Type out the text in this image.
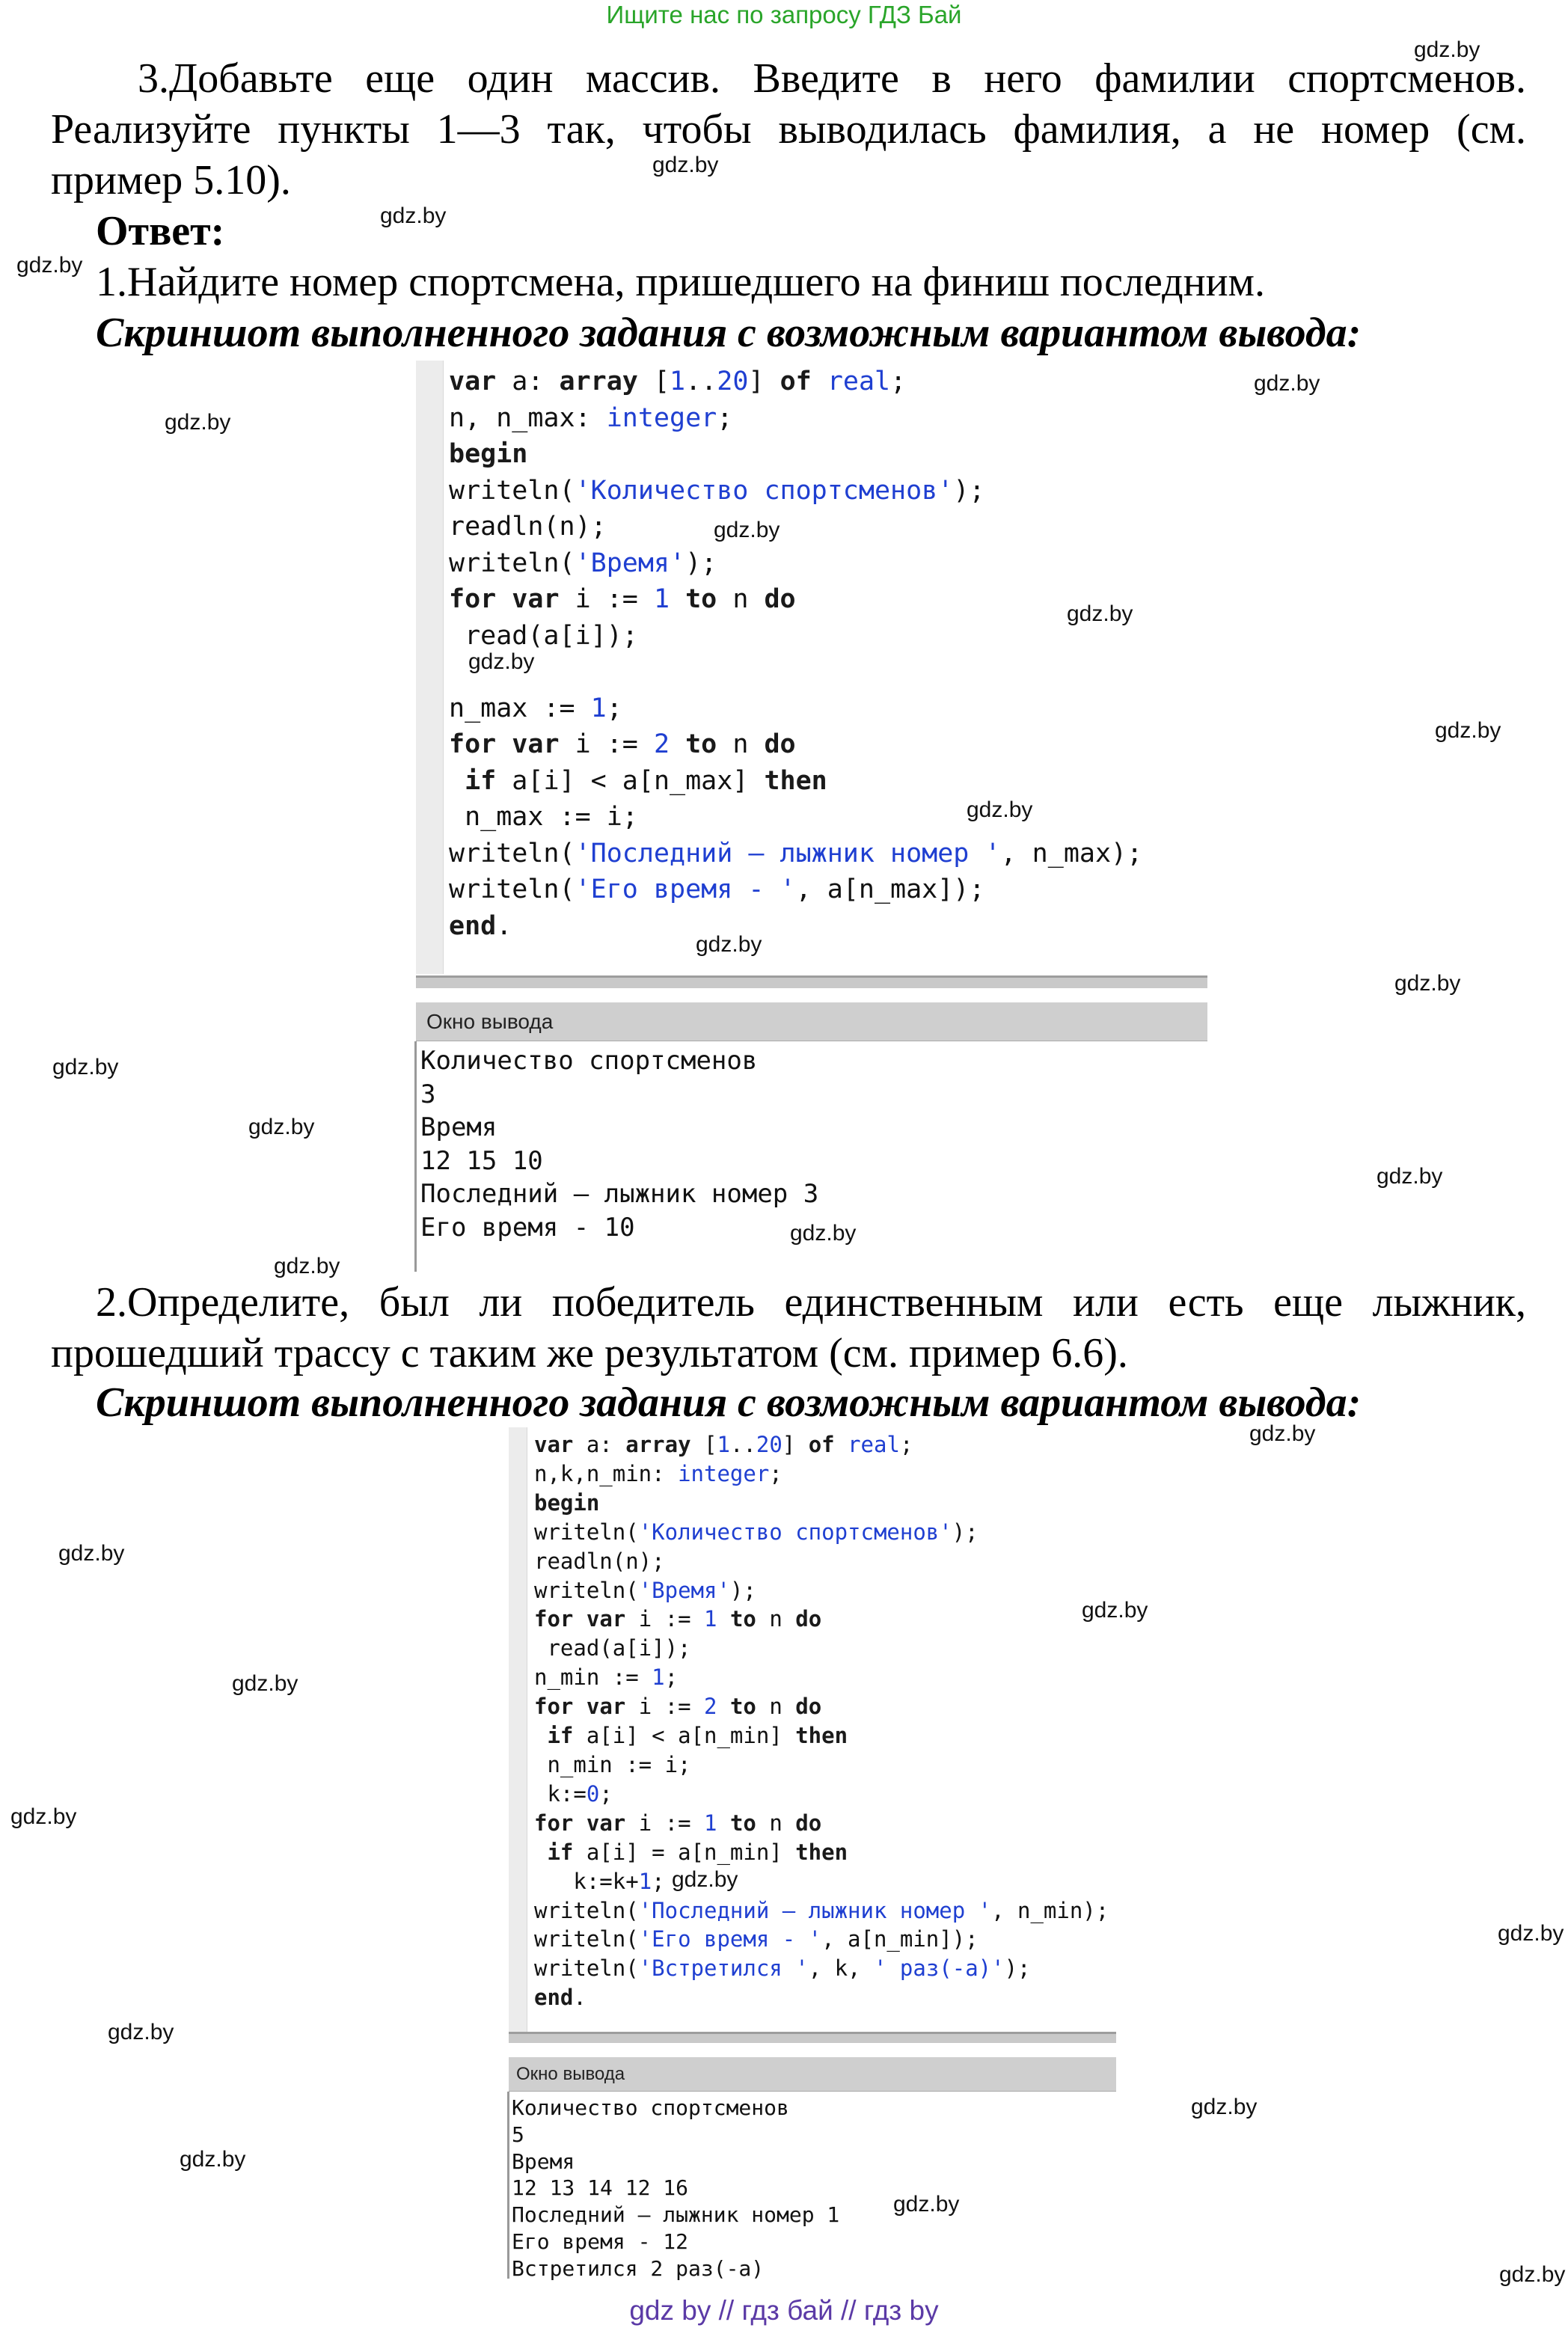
Ищите нас по запросу ГДЗ Бай
3.Добавьте еще один массив. Введите в него фамилии спортсменов.
Реализуйте пункты 1—3 так, чтобы выводилась фамилия, а не номер (см.
пример 5.10).
Ответ:
1.Найдите номер спортсмена, пришедшего на финиш последним.
Скриншот выполненного задания с возможным вариантом вывода:
var a: array [1..20] of real;
n, n_max: integer;
begin
writeln('Количество спортсменов');
readln(n);
writeln('Время');
for var i := 1 to n do
read(a[i]);
n_max := 1;
for var i := 2 to n do
if a[i] < a[n_max] then
n_max := i;
writeln('Последний — лыжник номер ', n_max);
writeln('Его время - ', a[n_max]);
end.
Окно вывода
Количество спортсменов
3
Время
12 15 10
Последний — лыжник номер 3
Его время - 10
2.Определите, был ли победитель единственным или есть еще лыжник,
прошедший трассу с таким же результатом (см. пример 6.6).
Скриншот выполненного задания с возможным вариантом вывода:
var a: array [1..20] of real;
n,k,n_min: integer;
begin
writeln('Количество спортсменов');
readln(n);
writeln('Время');
for var i := 1 to n do
read(a[i]);
n_min := 1;
for var i := 2 to n do
if a[i] < a[n_min] then
n_min := i;
k:=0;
for var i := 1 to n do
if a[i] = a[n_min] then
k:=k+1;
writeln('Последний — лыжник номер ', n_min);
writeln('Его время - ', a[n_min]);
writeln('Встретился ', k, ' раз(-а)');
end.
Окно вывода
Количество спортсменов
5
Время
12 13 14 12 16
Последний — лыжник номер 1
Его время - 12
Встретился 2 раз(-а)
gdz.by
gdz.by
gdz.by
gdz.by
gdz.by
gdz.by
gdz.by
gdz.by
gdz.by
gdz.by
gdz.by
gdz.by
gdz.by
gdz.by
gdz.by
gdz.by
gdz.by
gdz.by
gdz.by
gdz.by
gdz.by
gdz.by
gdz.by
gdz.by
gdz.by
gdz.by
gdz.by
gdz.by
gdz.by
gdz.by
gdz by // гдз бай // гдз by
